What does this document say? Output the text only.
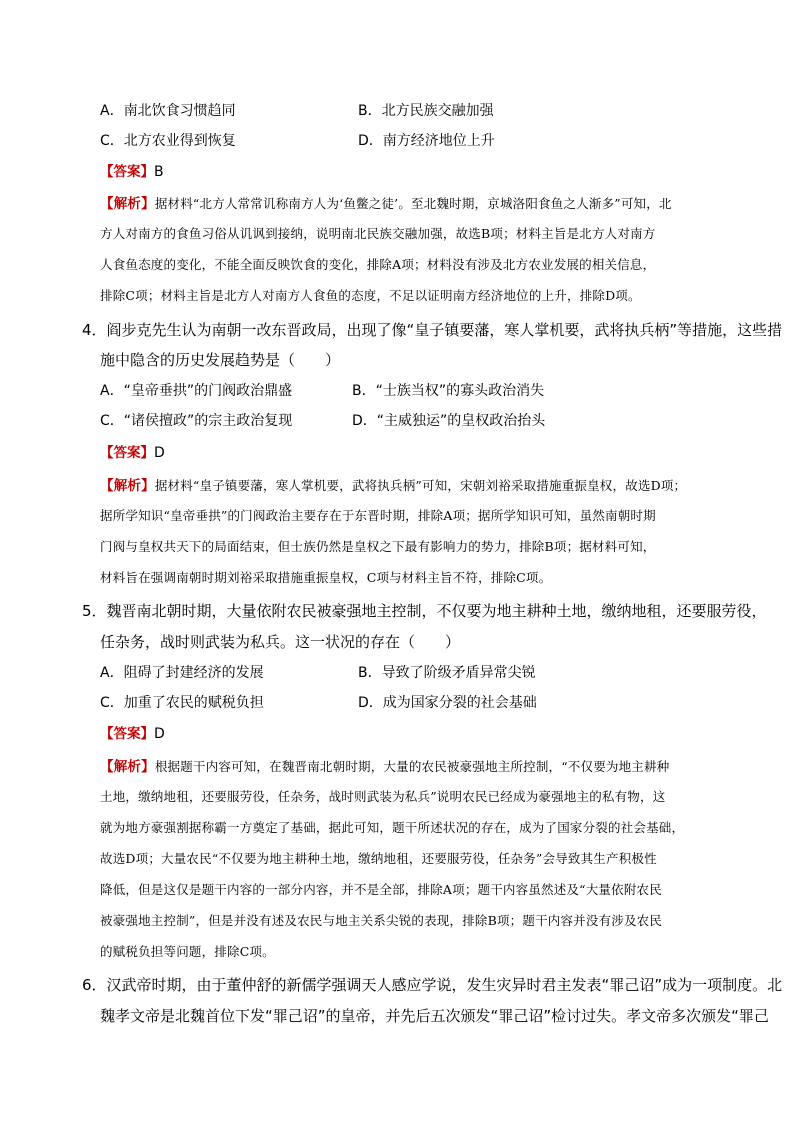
A．南北饮食习惯趋同	B．北方民族交融加强
C．北方农业得到恢复	D．南方经济地位上升
【答案】B
【解析】据材料“北方人常常讥称南方人为‘鱼鳖之徒’。至北魏时期，京城洛阳食鱼之人渐多”可知，北
方人对南方的食鱼习俗从讥讽到接纳，说明南北民族交融加强，故选B项；材料主旨是北方人对南方
人食鱼态度的变化，不能全面反映饮食的变化，排除A项；材料没有涉及北方农业发展的相关信息，
排除C项；材料主旨是北方人对南方人食鱼的态度，不足以证明南方经济地位的上升，排除D项。
4．阎步克先生认为南朝一改东晋政局，出现了像“皇子镇要藩，寒人掌机要，武将执兵柄”等措施，这些措
施中隐含的历史发展趋势是（　　）
A．“皇帝垂拱”的门阀政治鼎盛	B．“士族当权”的寡头政治消失
C．“诸侯擅政”的宗主政治复现	D．“主威独运”的皇权政治抬头
【答案】D
【解析】据材料“皇子镇要藩，寒人掌机要，武将执兵柄”可知，宋朝刘裕采取措施重振皇权，故选D项；
据所学知识“皇帝垂拱”的门阀政治主要存在于东晋时期，排除A项；据所学知识可知，虽然南朝时期
门阀与皇权共天下的局面结束，但士族仍然是皇权之下最有影响力的势力，排除B项；据材料可知，
材料旨在强调南朝时期刘裕采取措施重振皇权，C项与材料主旨不符，排除C项。
5．魏晋南北朝时期，大量依附农民被豪强地主控制，不仅要为地主耕种土地，缴纳地租，还要服劳役，
任杂务，战时则武装为私兵。这一状况的存在（　　）
A．阻碍了封建经济的发展	B．导致了阶级矛盾异常尖锐
C．加重了农民的赋税负担	D．成为国家分裂的社会基础
【答案】D
【解析】根据题干内容可知，在魏晋南北朝时期，大量的农民被豪强地主所控制，“不仅要为地主耕种
土地，缴纳地租，还要服劳役，任杂务，战时则武装为私兵”说明农民已经成为豪强地主的私有物，这
就为地方豪强割据称霸一方奠定了基础，据此可知，题干所述状况的存在，成为了国家分裂的社会基础，
故选D项；大量农民“不仅要为地主耕种土地，缴纳地租，还要服劳役，任杂务”会导致其生产积极性
降低，但是这仅是题干内容的一部分内容，并不是全部，排除A项；题干内容虽然述及“大量依附农民
被豪强地主控制”，但是并没有述及农民与地主关系尖锐的表现，排除B项；题干内容并没有涉及农民
的赋税负担等问题，排除C项。
6．汉武帝时期，由于董仲舒的新儒学强调天人感应学说，发生灾异时君主发表“罪己诏”成为一项制度。北
魏孝文帝是北魏首位下发“罪己诏”的皇帝，并先后五次颁发“罪己诏”检讨过失。孝文帝多次颁发“罪己
